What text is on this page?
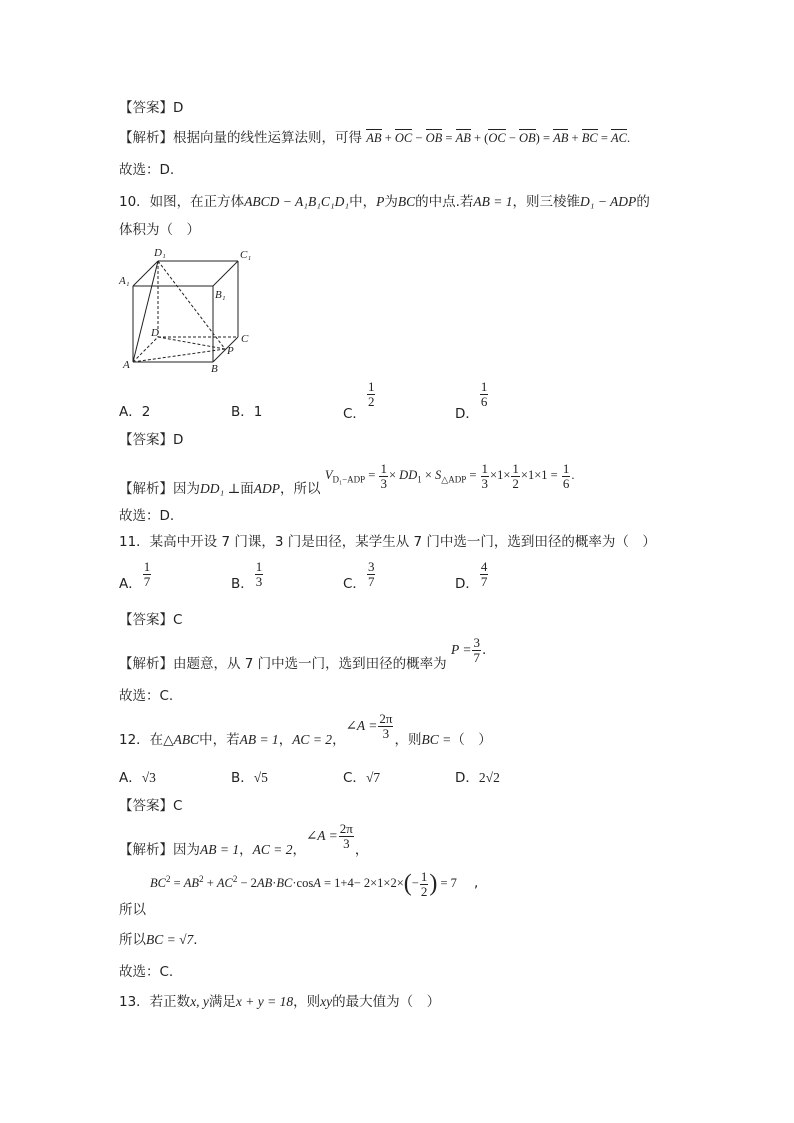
【答案】D
【解析】根据向量的线性运算法则，可得 AB + OC − OB = AB + (OC − OB) = AB + BC = AC.
故选：D.
10．如图，在正方体ABCD − A₁B₁C₁D₁中，P为BC的中点.若AB = 1，则三棱锥D₁ − ADP的
体积为（　）
D₁	C₁
A₁
B₁
D	C
A	B
P
A．2	B．1	C．
$\frac{1}{2}$
D．
$\frac{1}{6}$
【答案】D
【解析】因为DD₁ ⊥面ADP，所以 $V_{D_1-ADP} = \frac{1}{3} \times DD_1 \times S_{\triangle ADP} = \frac{1}{3} \times 1\times \frac{1}{2} \times 1\times 1 = \frac{1}{6}$ .
故选：D.
11．某高中开设 7 门课，3 门是田径，某学生从 7 门中选一门，选到田径的概率为（　）
A． $\frac{1}{7}$	B． $\frac{1}{3}$	C． $\frac{3}{7}$	D． $\frac{4}{7}$
【答案】C
【解析】由题意，从 7 门中选一门，选到田径的概率为 $P = \frac{3}{7}$ .
故选：C.
12．在△ABC中，若AB = 1，AC = 2，∠A = $\frac{2\pi}{3}$ ，则BC =（　）
A．√3	B．√5	C．√7	D．2√2
【答案】C
【解析】因为AB = 1，AC = 2，∠A = $\frac{2\pi}{3}$ ，
$BC^2 = AB^2 + AC^2 - 2AB\cdot BC\cdot\cos A = 1+4- 2\times 1\times 2\times(- \frac{1}{2}$ ) = 7 ,
所以
所以BC = √7.
故选：C.
13．若正数x, y满足x + y = 18，则xy的最大值为（　）
